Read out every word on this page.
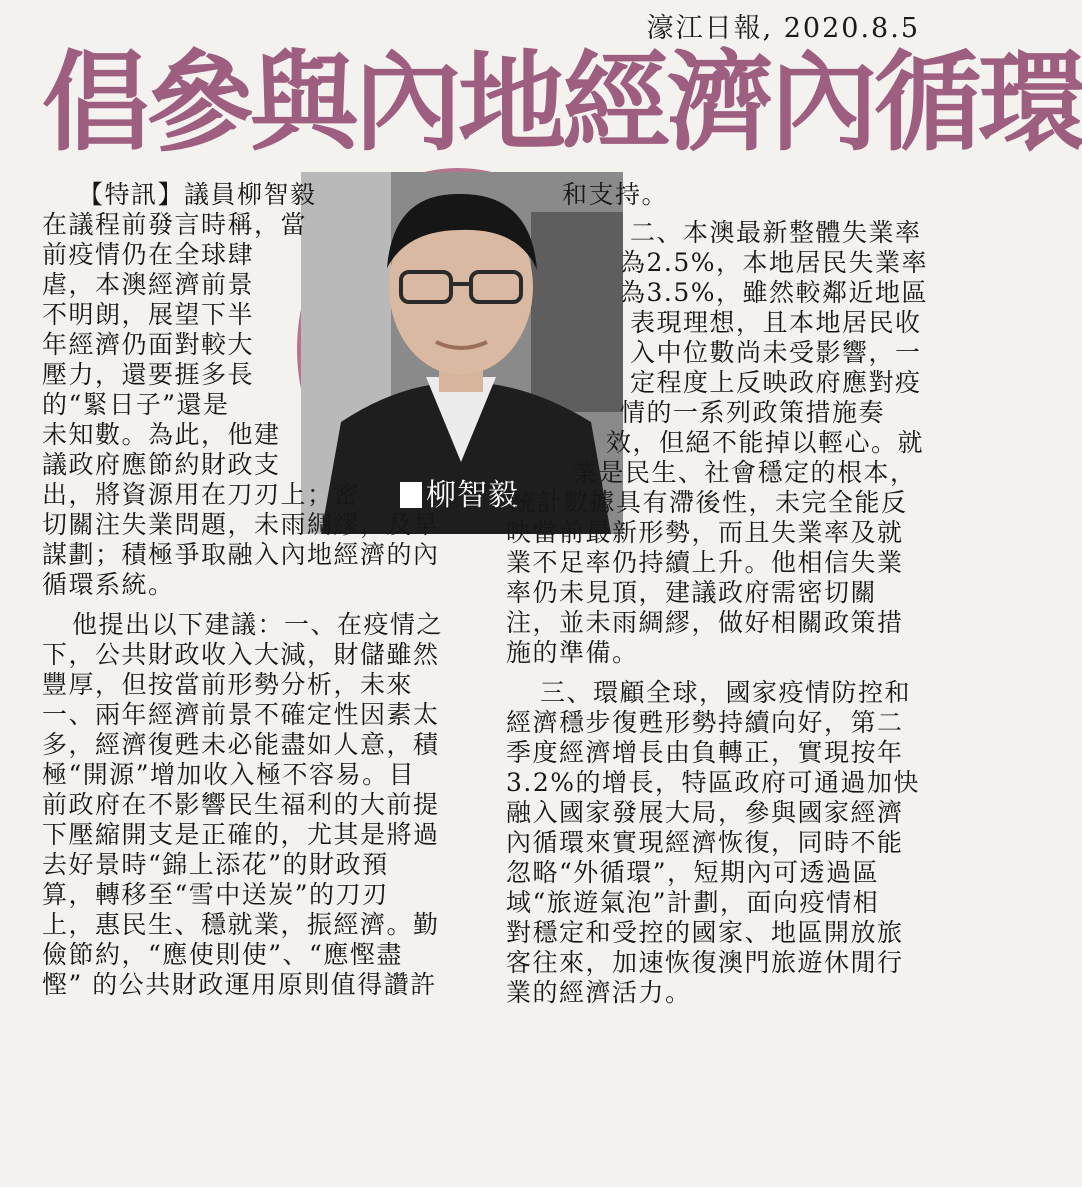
濠江日報, 2020.8.5
倡參與內地經濟內循環
柳智毅
【特訊】議員柳智毅
在議程前發言時稱，當
前疫情仍在全球肆
虐，本澳經濟前景
不明朗，展望下半
年經濟仍面對較大
壓力，還要捱多長
的“緊日子”還是
未知數。為此，他建
議政府應節約財政支
出，將資源用在刀刃上；密
切關注失業問題，未雨綢繆，及早
謀劃；積極爭取融入內地經濟的內
循環系統。
他提出以下建議：一、在疫情之
下，公共財政收入大減，財儲雖然
豐厚，但按當前形勢分析，未來
一、兩年經濟前景不確定性因素太
多，經濟復甦未必能盡如人意，積
極“開源”增加收入極不容易。目
前政府在不影響民生福利的大前提
下壓縮開支是正確的，尤其是將過
去好景時“錦上添花”的財政預
算，轉移至“雪中送炭”的刀刃
上，惠民生、穩就業，振經濟。勤
儉節約，“應使則使”、“應慳盡
慳” 的公共財政運用原則值得讚許
和支持。
二、本澳最新整體失業率
為2.5%，本地居民失業率
為3.5%，雖然較鄰近地區
表現理想，且本地居民收
入中位數尚未受影響，一
定程度上反映政府應對疫
情的一系列政策措施奏
效，但絕不能掉以輕心。就
業是民生、社會穩定的根本，
統計數據具有滯後性，未完全能反
映當前最新形勢，而且失業率及就
業不足率仍持續上升。他相信失業
率仍未見頂，建議政府需密切關
注，並未雨綢繆，做好相關政策措
施的準備。
三、環顧全球，國家疫情防控和
經濟穩步復甦形勢持續向好，第二
季度經濟增長由負轉正，實現按年
3.2%的增長，特區政府可通過加快
融入國家發展大局，參與國家經濟
內循環來實現經濟恢復，同時不能
忽略“外循環”，短期內可透過區
域“旅遊氣泡”計劃，面向疫情相
對穩定和受控的國家、地區開放旅
客往來，加速恢復澳門旅遊休閒行
業的經濟活力。
